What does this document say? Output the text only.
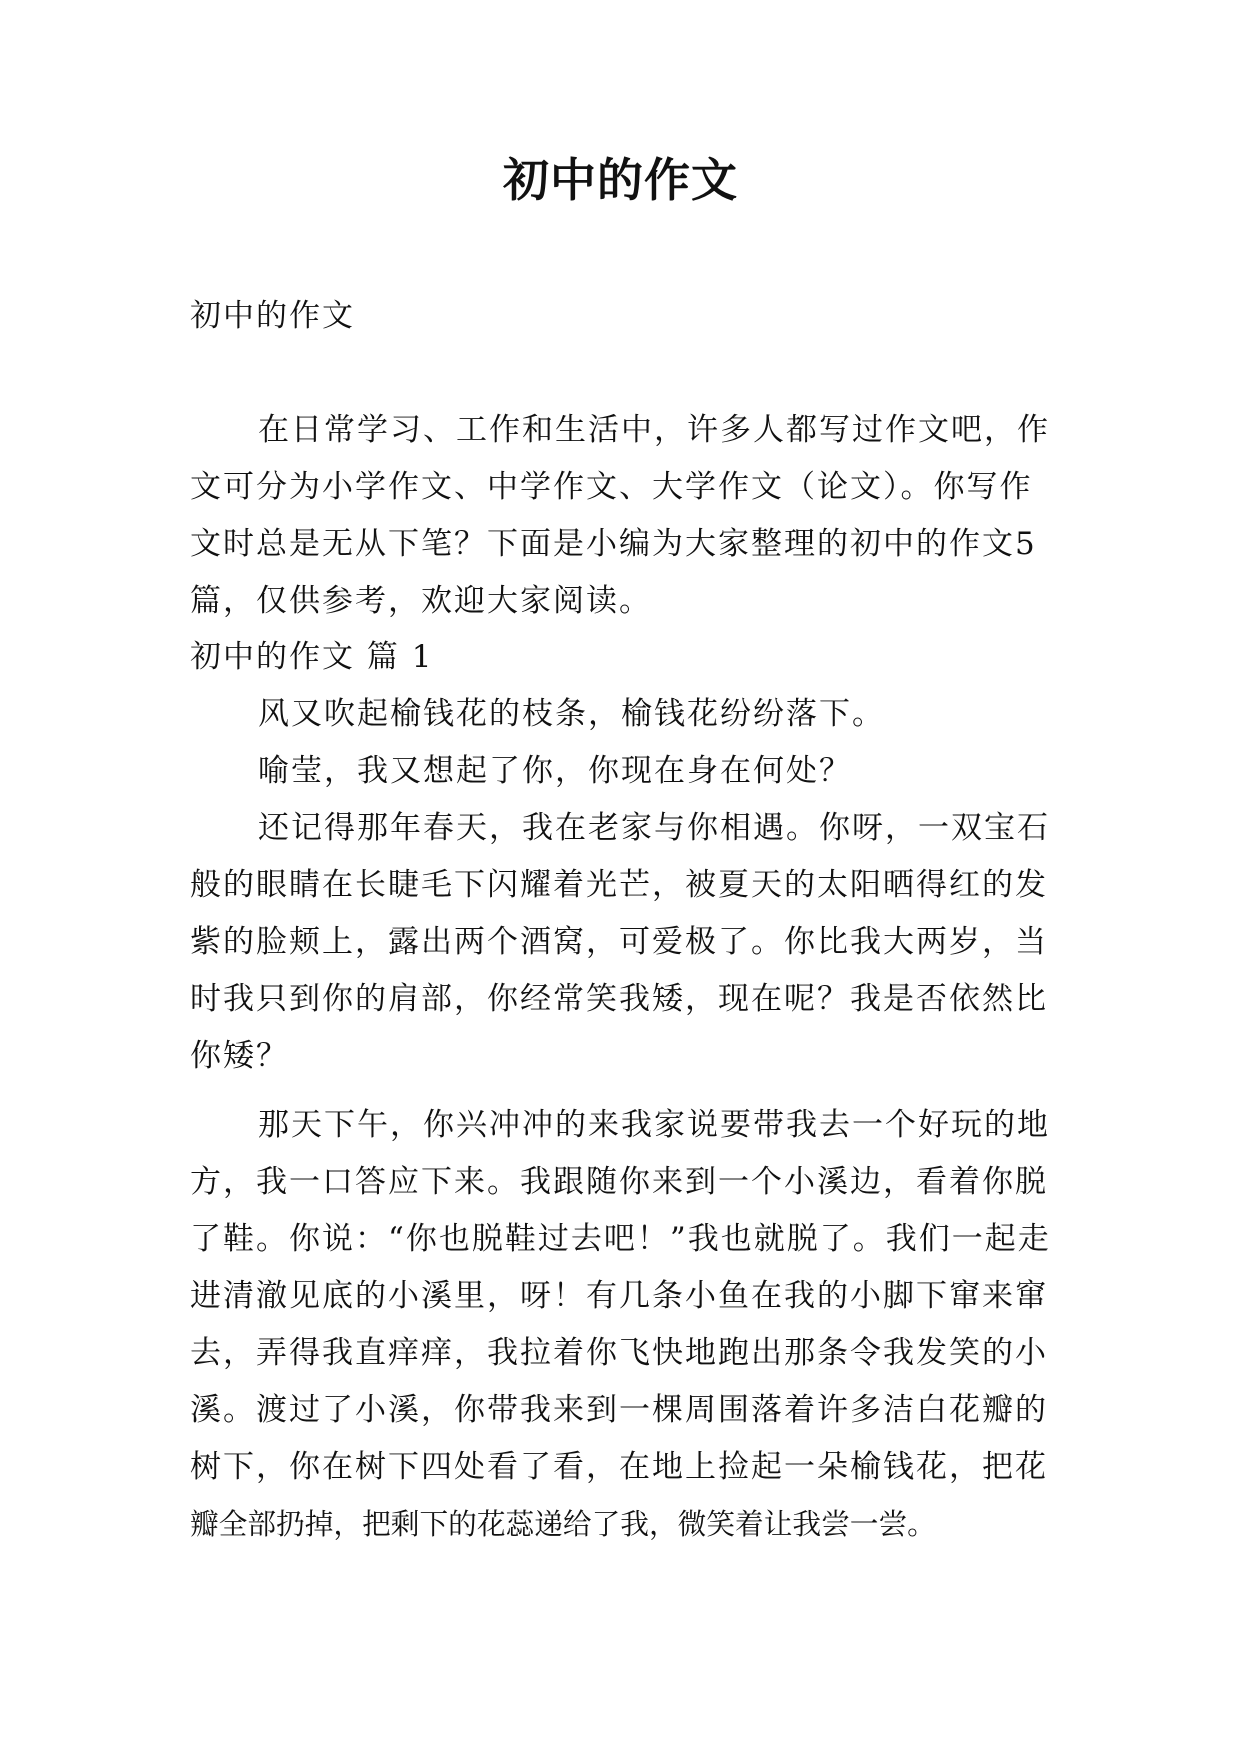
初中的作文

初中的作文

在日常学习、工作和生活中，许多人都写过作文吧，作

文可分为小学作文、中学作文、大学作文（论文）。你写作

文时总是无从下笔？下面是小编为大家整理的初中的作文5

篇，仅供参考，欢迎大家阅读。

初中的作文 篇 1

风又吹起榆钱花的枝条，榆钱花纷纷落下。

喻莹，我又想起了你，你现在身在何处？

还记得那年春天，我在老家与你相遇。你呀，一双宝石

般的眼睛在长睫毛下闪耀着光芒，被夏天的太阳晒得红的发

紫的脸颊上，露出两个酒窝，可爱极了。你比我大两岁，当

时我只到你的肩部，你经常笑我矮，现在呢？我是否依然比

你矮？

那天下午，你兴冲冲的来我家说要带我去一个好玩的地

方，我一口答应下来。我跟随你来到一个小溪边，看着你脱

了鞋。你说：“你也脱鞋过去吧！”我也就脱了。我们一起走

进清澈见底的小溪里，呀！有几条小鱼在我的小脚下窜来窜

去，弄得我直痒痒，我拉着你飞快地跑出那条令我发笑的小

溪。渡过了小溪，你带我来到一棵周围落着许多洁白花瓣的

树下，你在树下四处看了看，在地上捡起一朵榆钱花，把花

瓣全部扔掉，把剩下的花蕊递给了我，微笑着让我尝一尝。
